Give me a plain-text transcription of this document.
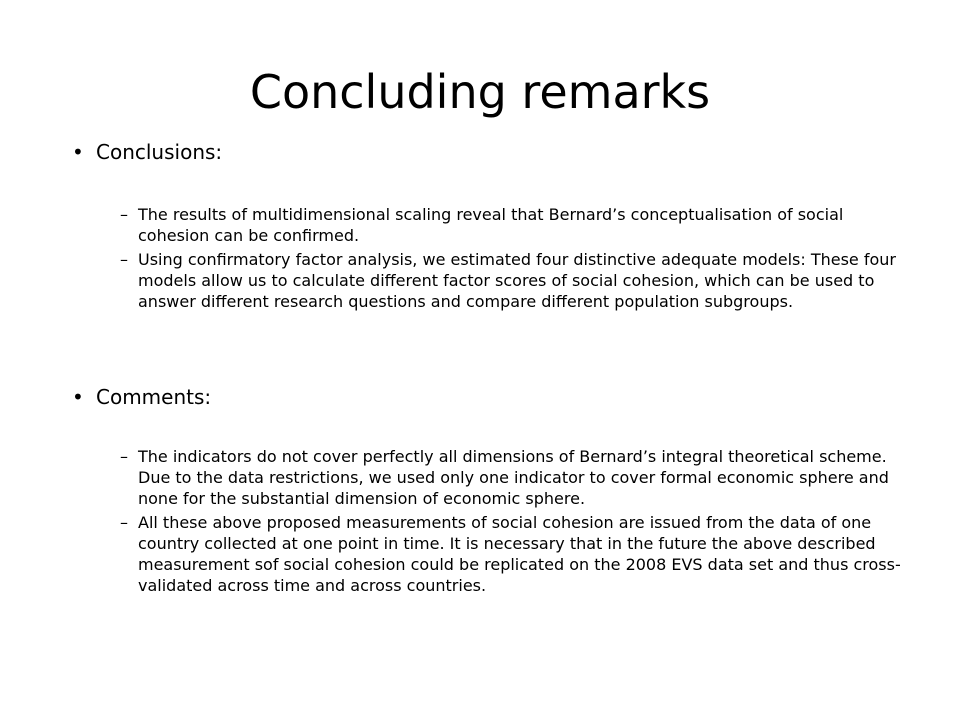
Concluding remarks
• Conclusions:
– The results of multidimensional scaling reveal that Bernard’s conceptualisation of social cohesion can be confirmed.
– Using confirmatory factor analysis, we estimated four distinctive adequate models: These four models allow us to calculate different factor scores of social cohesion, which can be used to answer different research questions and compare different population subgroups.
• Comments:
– The indicators do not cover perfectly all dimensions of Bernard’s integral theoretical scheme. Due to the data restrictions, we used only one indicator to cover formal economic sphere and none for the substantial dimension of economic sphere.
– All these above proposed measurements of social cohesion are issued from the data of one country collected at one point in time. It is necessary that in the future the above described measurement sof social cohesion could be replicated on the 2008 EVS data set and thus cross-validated across time and across countries.
